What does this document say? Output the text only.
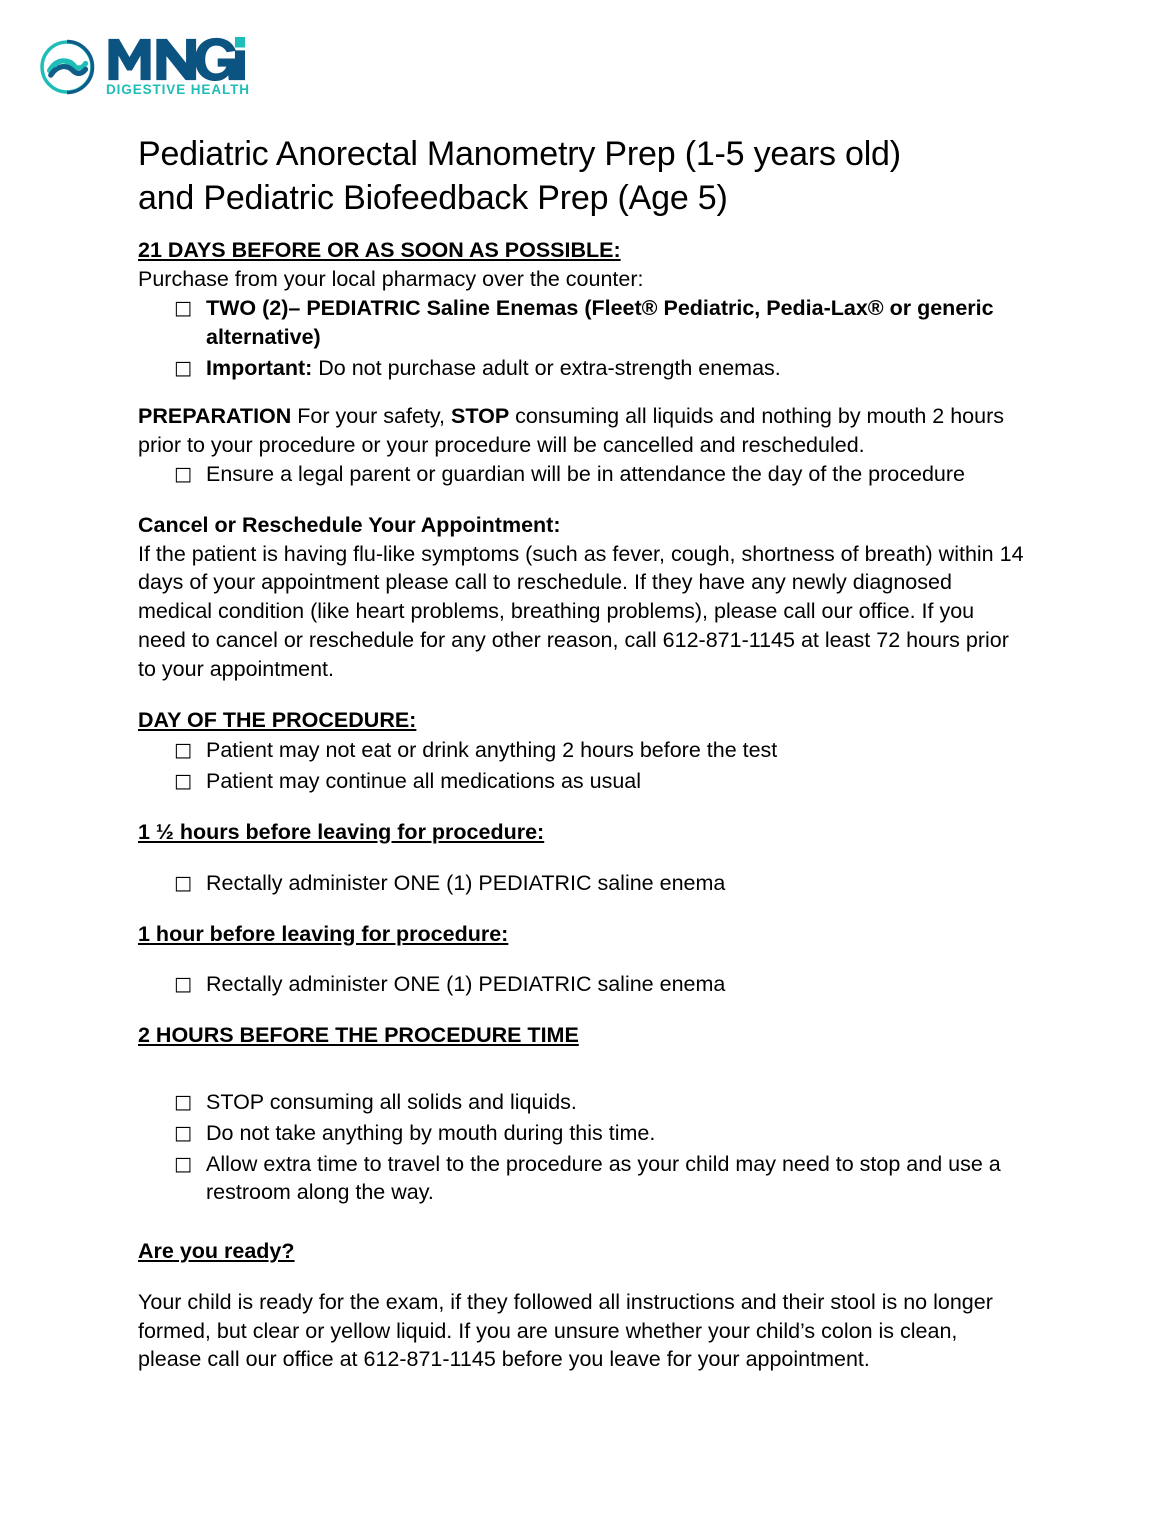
DIGESTIVE HEALTH
Pediatric Anorectal Manometry Prep (1-5 years old)
and Pediatric Biofeedback Prep (Age 5)

21 DAYS BEFORE OR AS SOON AS POSSIBLE:

Purchase from your local pharmacy over the counter:

□ TWO (2)– PEDIATRIC Saline Enemas (Fleet® Pediatric, Pedia-Lax® or generic alternative)
□ Important: Do not purchase adult or extra-strength enemas.

PREPARATION For your safety, STOP consuming all liquids and nothing by mouth 2 hours prior to your procedure or your procedure will be cancelled and rescheduled.

□ Ensure a legal parent or guardian will be in attendance the day of the procedure

Cancel or Reschedule Your Appointment:

If the patient is having flu-like symptoms (such as fever, cough, shortness of breath) within 14 days of your appointment please call to reschedule. If they have any newly diagnosed medical condition (like heart problems, breathing problems), please call our office. If you need to cancel or reschedule for any other reason, call 612-871-1145 at least 72 hours prior to your appointment.

DAY OF THE PROCEDURE:

□ Patient may not eat or drink anything 2 hours before the test
□ Patient may continue all medications as usual

1 ½ hours before leaving for procedure:

□ Rectally administer ONE (1) PEDIATRIC saline enema

1 hour before leaving for procedure:

□ Rectally administer ONE (1) PEDIATRIC saline enema

2 HOURS BEFORE THE PROCEDURE TIME

□ STOP consuming all solids and liquids.
□ Do not take anything by mouth during this time.
□ Allow extra time to travel to the procedure as your child may need to stop and use a restroom along the way.

Are you ready?

Your child is ready for the exam, if they followed all instructions and their stool is no longer formed, but clear or yellow liquid. If you are unsure whether your child’s colon is clean, please call our office at 612-871-1145 before you leave for your appointment.
